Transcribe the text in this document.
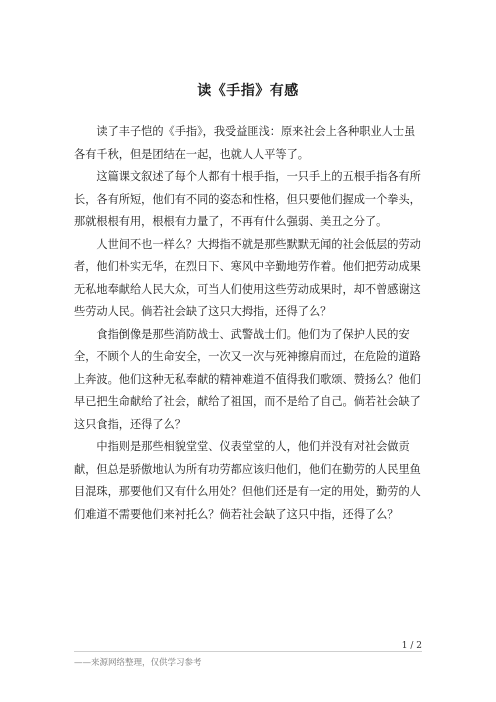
读《手指》有感

读了丰子恺的《手指》，我受益匪浅：原来社会上各种职业人士虽各有千秋，但是团结在一起，也就人人平等了。

这篇课文叙述了每个人都有十根手指，一只手上的五根手指各有所长，各有所短，他们有不同的姿态和性格，但只要他们握成一个拳头，那就根根有用，根根有力量了，不再有什么强弱、美丑之分了。

人世间不也一样么？大拇指不就是那些默默无闻的社会低层的劳动者，他们朴实无华，在烈日下、寒风中辛勤地劳作着。他们把劳动成果无私地奉献给人民大众，可当人们使用这些劳动成果时，却不曾感谢这些劳动人民。倘若社会缺了这只大拇指，还得了么？

食指倒像是那些消防战士、武警战士们。他们为了保护人民的安全，不顾个人的生命安全，一次又一次与死神擦肩而过，在危险的道路上奔波。他们这种无私奉献的精神难道不值得我们歌颂、赞扬么？他们早已把生命献给了社会，献给了祖国，而不是给了自己。倘若社会缺了这只食指，还得了么？

中指则是那些相貌堂堂、仪表堂堂的人，他们并没有对社会做贡献，但总是骄傲地认为所有功劳都应该归他们，他们在勤劳的人民里鱼目混珠，那要他们又有什么用处？但他们还是有一定的用处，勤劳的人们难道不需要他们来衬托么？倘若社会缺了这只中指，还得了么？

1 / 2
——来源网络整理，仅供学习参考
